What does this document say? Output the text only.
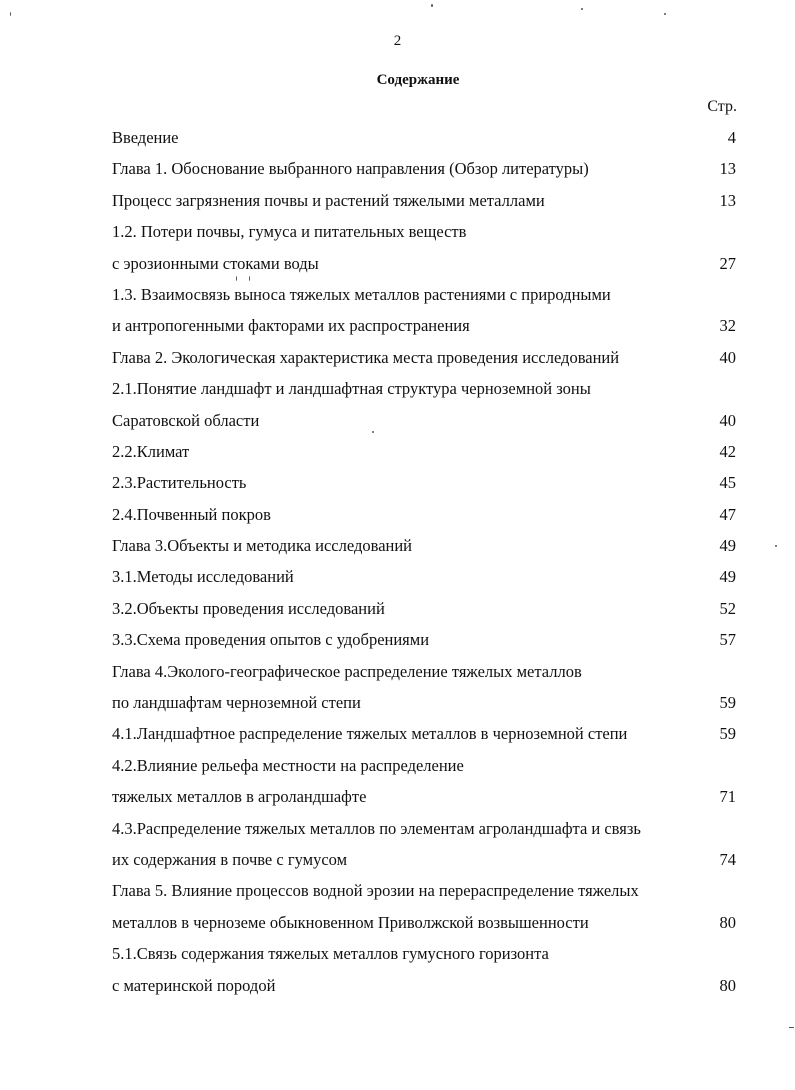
2
Содержание
Стр.
Введение	4
Глава 1. Обоснование выбранного направления (Обзор литературы)	13
Процесс загрязнения почвы и растений тяжелыми металлами	13
1.2. Потери почвы, гумуса и питательных веществ
с эрозионными стоками воды	27
1.3. Взаимосвязь выноса тяжелых металлов растениями с природными
и антропогенными факторами их распространения	32
Глава 2. Экологическая характеристика места проведения исследований	40
2.1.Понятие ландшафт и ландшафтная структура черноземной зоны
Саратовской области	40
2.2.Климат	42
2.3.Растительность	45
2.4.Почвенный покров	47
Глава 3.Объекты и методика исследований	49
3.1.Методы исследований	49
3.2.Объекты проведения исследований	52
3.3.Схема проведения опытов с удобрениями	57
Глава 4.Эколого-географическое распределение тяжелых металлов
по ландшафтам черноземной степи	59
4.1.Ландшафтное распределение тяжелых металлов в черноземной степи	59
4.2.Влияние рельефа местности на распределение
тяжелых металлов в агроландшафте	71
4.3.Распределение тяжелых металлов по элементам агроландшафта и связь
их содержания в почве с гумусом	74
Глава 5. Влияние процессов водной эрозии на перераспределение тяжелых
металлов в черноземе обыкновенном Приволжской возвышенности	80
5.1.Связь содержания тяжелых металлов гумусного горизонта
с материнской породой	80
